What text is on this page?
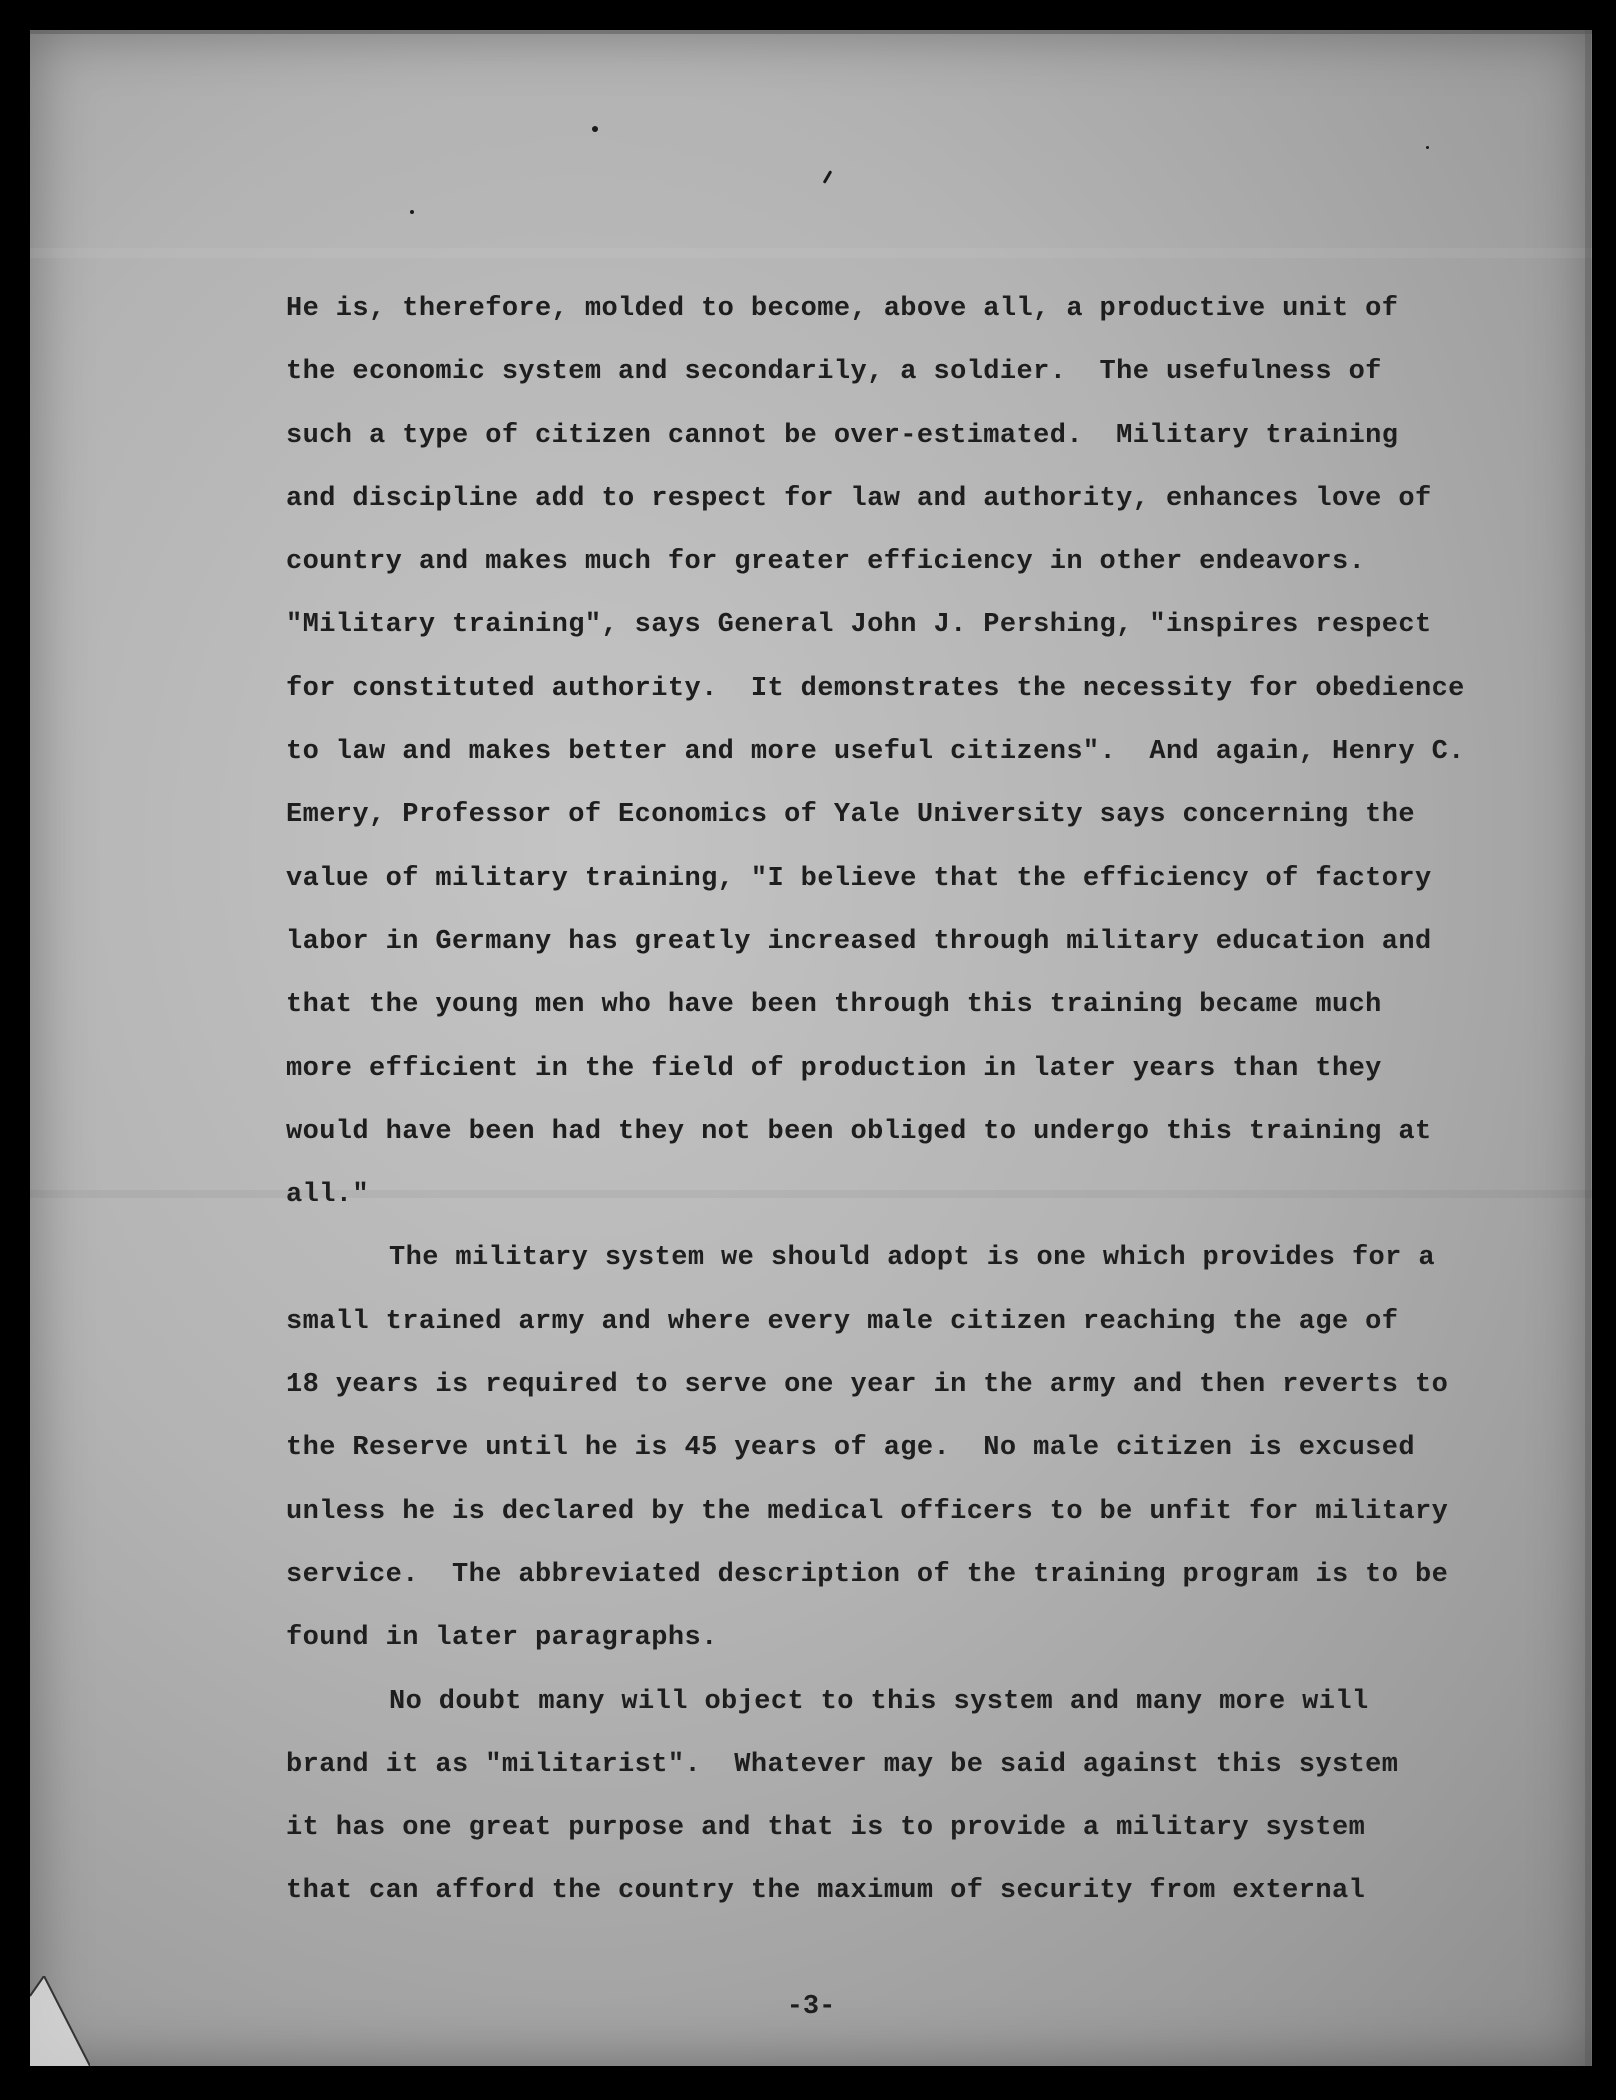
He is, therefore, molded to become, above all, a productive unit of
the economic system and secondarily, a soldier.  The usefulness of
such a type of citizen cannot be over-estimated.  Military training
and discipline add to respect for law and authority, enhances love of
country and makes much for greater efficiency in other endeavors.
"Military training", says General John J. Pershing, "inspires respect
for constituted authority.  It demonstrates the necessity for obedience
to law and makes better and more useful citizens".  And again, Henry C.
Emery, Professor of Economics of Yale University says concerning the
value of military training, "I believe that the efficiency of factory
labor in Germany has greatly increased through military education and
that the young men who have been through this training became much
more efficient in the field of production in later years than they
would have been had they not been obliged to undergo this training at
all."
The military system we should adopt is one which provides for a
small trained army and where every male citizen reaching the age of
18 years is required to serve one year in the army and then reverts to
the Reserve until he is 45 years of age.  No male citizen is excused
unless he is declared by the medical officers to be unfit for military
service.  The abbreviated description of the training program is to be
found in later paragraphs.
No doubt many will object to this system and many more will
brand it as "militarist".  Whatever may be said against this system
it has one great purpose and that is to provide a military system
that can afford the country the maximum of security from external
-3-
